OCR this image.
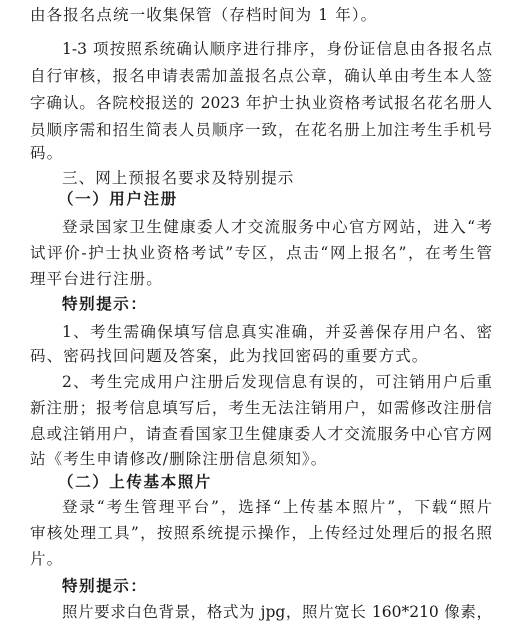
由各报名点统一收集保管（存档时间为 1 年）。
1-3 项按照系统确认顺序进行排序，身份证信息由各报名点
自行审核，报名申请表需加盖报名点公章，确认单由考生本人签
字确认。各院校报送的 2023 年护士执业资格考试报名花名册人
员顺序需和招生简表人员顺序一致，在花名册上加注考生手机号
码。
三、网上预报名要求及特别提示
（一）用户注册
登录国家卫生健康委人才交流服务中心官方网站，进入“考
试评价-护士执业资格考试”专区，点击“网上报名”，在考生管
理平台进行注册。
特别提示：
1、考生需确保填写信息真实准确，并妥善保存用户名、密
码、密码找回问题及答案，此为找回密码的重要方式。
2、考生完成用户注册后发现信息有误的，可注销用户后重
新注册；报考信息填写后，考生无法注销用户，如需修改注册信
息或注销用户，请查看国家卫生健康委人才交流服务中心官方网
站《考生申请修改/删除注册信息须知》。
（二）上传基本照片
登录“考生管理平台”，选择“上传基本照片”，下载“照片
审核处理工具”，按照系统提示操作，上传经过处理后的报名照
片。
特别提示：
照片要求白色背景，格式为 jpg，照片宽长 160*210 像素，
